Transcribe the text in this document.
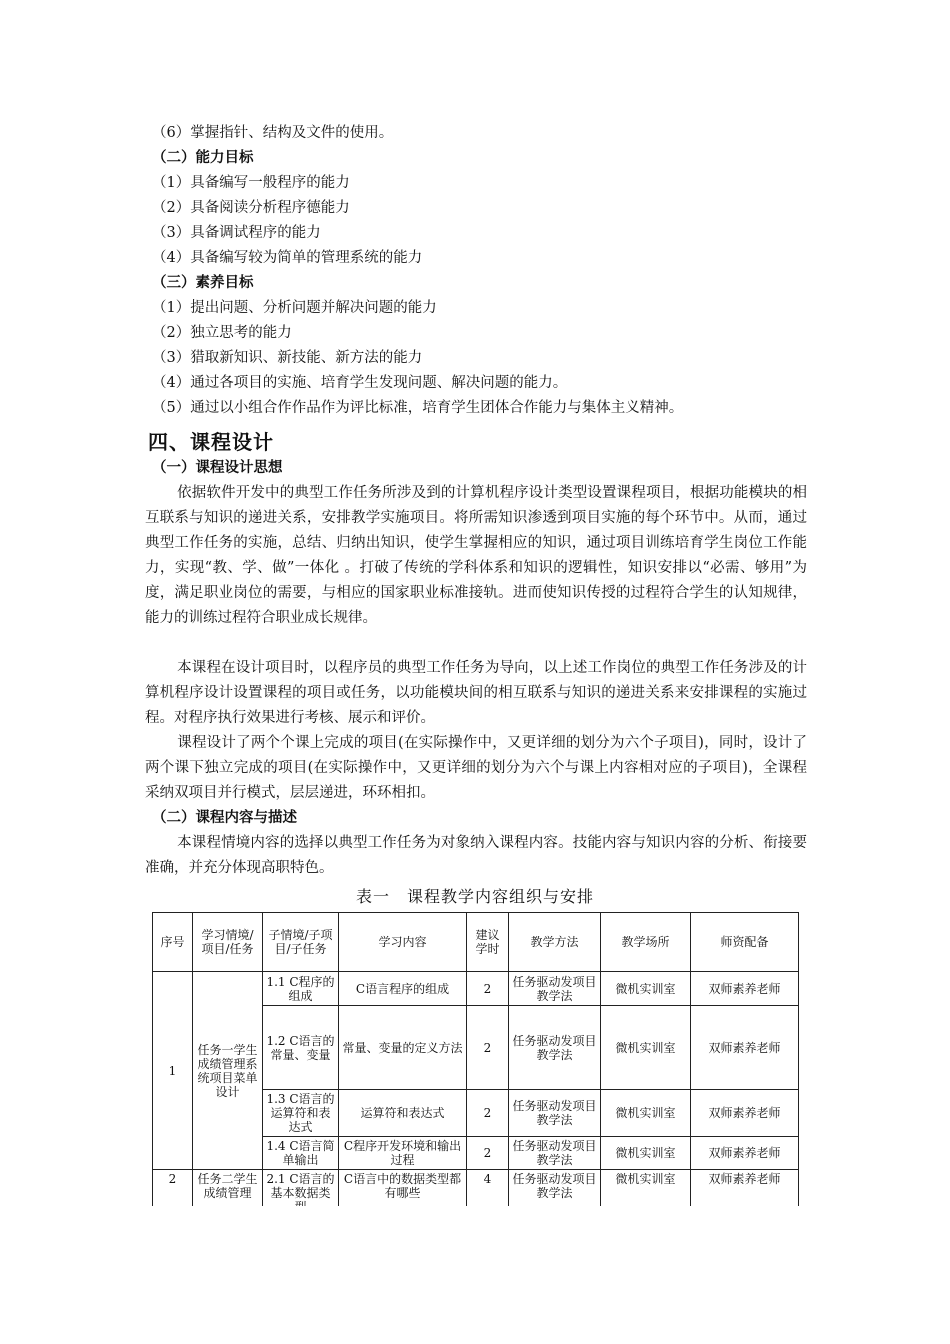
（6）掌握指针、结构及文件的使用。
（二）能力目标
（1）具备编写一般程序的能力
（2）具备阅读分析程序德能力
（3）具备调试程序的能力
（4）具备编写较为简单的管理系统的能力
（三）素养目标
（1）提出问题、分析问题并解决问题的能力
（2）独立思考的能力
（3）猎取新知识、新技能、新方法的能力
（4）通过各项目的实施、培育学生发现问题、解决问题的能力。
（5）通过以小组合作作品作为评比标准，培育学生团体合作能力与集体主义精神。
四、课程设计
（一）课程设计思想
依据软件开发中的典型工作任务所涉及到的计算机程序设计类型设置课程项目，根据功能模块的相互联系与知识的递进关系，安排教学实施项目。将所需知识渗透到项目实施的每个环节中。从而，通过典型工作任务的实施，总结、归纳出知识，使学生掌握相应的知识，通过项目训练培育学生岗位工作能力，实现“教、学、做”一体化 。打破了传统的学科体系和知识的逻辑性，知识安排以“必需、够用”为度，满足职业岗位的需要，与相应的国家职业标准接轨。进而使知识传授的过程符合学生的认知规律，能力的训练过程符合职业成长规律。
本课程在设计项目时，以程序员的典型工作任务为导向，以上述工作岗位的典型工作任务涉及的计算机程序设计设置课程的项目或任务，以功能模块间的相互联系与知识的递进关系来安排课程的实施过程。对程序执行效果进行考核、展示和评价。
课程设计了两个个课上完成的项目(在实际操作中，又更详细的划分为六个子项目)，同时，设计了两个课下独立完成的项目(在实际操作中，又更详细的划分为六个与课上内容相对应的子项目)，全课程采纳双项目并行模式，层层递进，环环相扣。
（二）课程内容与描述
本课程情境内容的选择以典型工作任务为对象纳入课程内容。技能内容与知识内容的分析、衔接要准确，并充分体现高职特色。
表一　课程教学内容组织与安排
序号	学习情境/项目/任务	子情境/子项目/子任务	学习内容	建议学时	教学方法	教学场所	师资配备
1	任务一学生成绩管理系统项目菜单设计	1.1 C程序的组成	C语言程序的组成	2	任务驱动发项目教学法	微机实训室	双师素养老师
		1.2 C语言的常量、变量	常量、变量的定义方法	2	任务驱动发项目教学法	微机实训室	双师素养老师
		1.3 C语言的运算符和表达式	运算符和表达式	2	任务驱动发项目教学法	微机实训室	双师素养老师
		1.4 C语言简单输出	C程序开发环境和输出过程	2	任务驱动发项目教学法	微机实训室	双师素养老师
2	任务二学生成绩管理	2.1 C语言的基本数据类	C语言中的数据类型都有哪些	4	任务驱动发项目教学法	微机实训室	双师素养老师
